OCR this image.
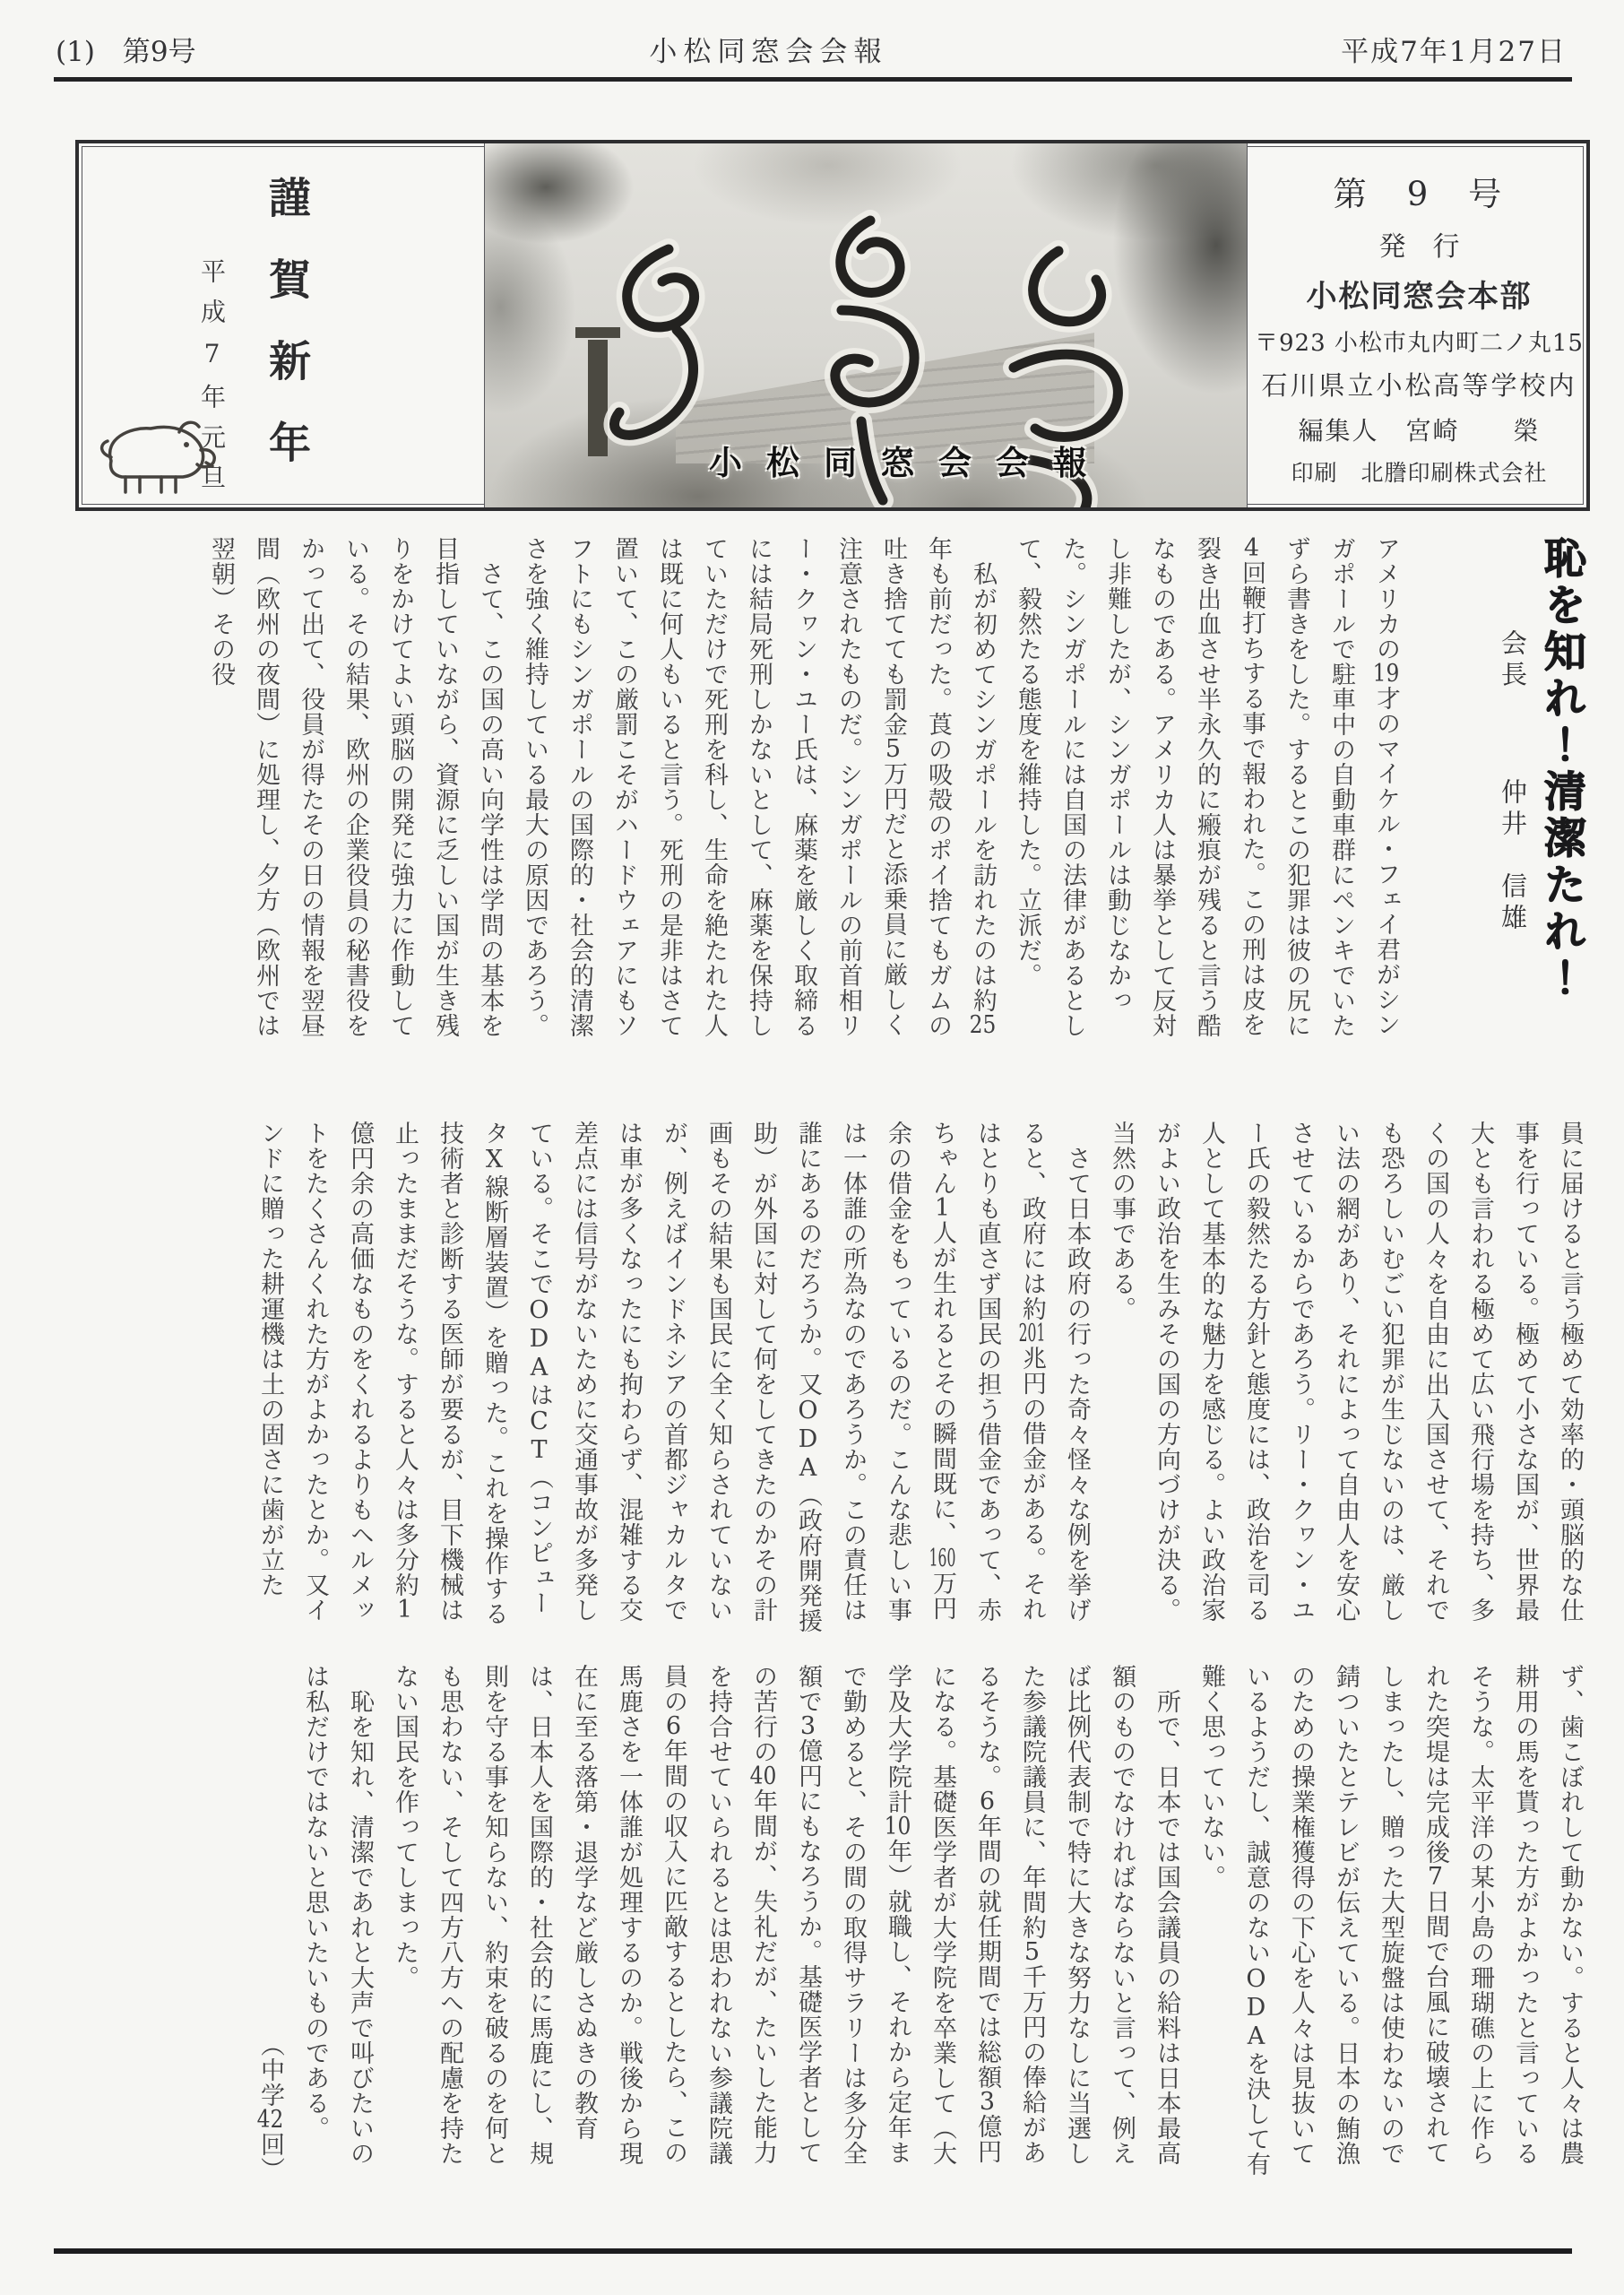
(1)　第9号	小松同窓会会報	平成7年1月27日
謹賀新年
平成7年元旦	小松同窓会会報
第　9　号
発　行
小松同窓会本部
〒923 小松市丸内町二ノ丸15
石川県立小松高等学校内
編集人　宮崎　　榮
印刷　北謄印刷株式会社

アメリカの19才のマイケル・フェイ君がシンガポールで駐車中の自動車群にペンキでいたずら書きをした。するとこの犯罪は彼の尻に4回鞭打ちする事で報われた。この刑は皮を裂き出血させ半永久的に瘢痕が残ると言う酷なものである。アメリカ人は暴挙として反対し非難したが、シンガポールは動じなかった。シンガポールには自国の法律があるとして、毅然たる態度を維持した。立派だ。

私が初めてシンガポールを訪れたのは約25年も前だった。莨の吸殻のポイ捨てもガムの吐き捨てても罰金5万円だと添乗員に厳しく注意されたものだ。シンガポールの前首相リー・クヮン・ユー氏は、麻薬を厳しく取締るには結局死刑しかないとして、麻薬を保持していただけで死刑を科し、生命を絶たれた人は既に何人もいると言う。死刑の是非はさて置いて、この厳罰こそがハードウェアにもソフトにもシンガポールの国際的・社会的清潔さを強く維持している最大の原因であろう。

さて、この国の高い向学性は学問の基本を目指していながら、資源に乏しい国が生き残りをかけてよい頭脳の開発に強力に作動している。その結果、欧州の企業役員の秘書役をかって出て、役員が得たその日の情報を翌昼間（欧州の夜間）に処理し、夕方（欧州では翌朝）その役	会長 仲井　信雄 恥を知れ！清潔たれ！

員に届けると言う極めて効率的・頭脳的な仕事を行っている。極めて小さな国が、世界最大とも言われる極めて広い飛行場を持ち、多くの国の人々を自由に出入国させて、それでも恐ろしいむごい犯罪が生じないのは、厳しい法の網があり、それによって自由人を安心させているからであろう。リー・クヮン・ユー氏の毅然たる方針と態度には、政治を司る人として基本的な魅力を感じる。よい政治家がよい政治を生みその国の方向づけが決る。当然の事である。

さて日本政府の行った奇々怪々な例を挙げると、政府には約201兆円の借金がある。それはとりも直さず国民の担う借金であって、赤ちゃん1人が生れるとその瞬間既に、160万円余の借金をもっているのだ。こんな悲しい事は一体誰の所為なのであろうか。この責任は誰にあるのだろうか。又ODA（政府開発援助）が外国に対して何をしてきたのかその計画もその結果も国民に全く知らされていないが、例えばインドネシアの首都ジャカルタでは車が多くなったにも拘わらず、混雑する交差点には信号がないために交通事故が多発している。そこでODAはCT（コンピュータX線断層装置）を贈った。これを操作する技術者と診断する医師が要るが、目下機械は止ったままだそうな。すると人々は多分約1億円余の高価なものをくれるよりもヘルメットをたくさんくれた方がよかったとか。又インドに贈った耕運機は土の固さに歯が立た

ず、歯こぼれして動かない。すると人々は農耕用の馬を貰った方がよかったと言っているそうな。太平洋の某小島の珊瑚礁の上に作られた突堤は完成後7日間で台風に破壊されてしまったし、贈った大型旋盤は使わないので錆ついたとテレビが伝えている。日本の鮪漁のための操業権獲得の下心を人々は見抜いているようだし、誠意のないODAを決して有難く思っていない。

所で、日本では国会議員の給料は日本最高額のものでなければならないと言って、例えば比例代表制で特に大きな努力なしに当選した参議院議員に、年間約5千万円の俸給があるそうな。6年間の就任期間では総額3億円になる。基礎医学者が大学院を卒業して（大学及大学院計10年）就職し、それから定年まで勤めると、その間の取得サラリーは多分全額で3億円にもなろうか。基礎医学者としての苦行の40年間が、失礼だが、たいした能力を持合せていられるとは思われない参議院議員の6年間の収入に匹敵するとしたら、この馬鹿さを一体誰が処理するのか。戦後から現在に至る落第・退学など厳しさぬきの教育は、日本人を国際的・社会的に馬鹿にし、規則を守る事を知らない、約束を破るのを何とも思わない、そして四方八方への配慮を持たない国民を作ってしまった。

恥を知れ、清潔であれと大声で叫びたいのは私だけではないと思いたいものである。

（中学42回）
